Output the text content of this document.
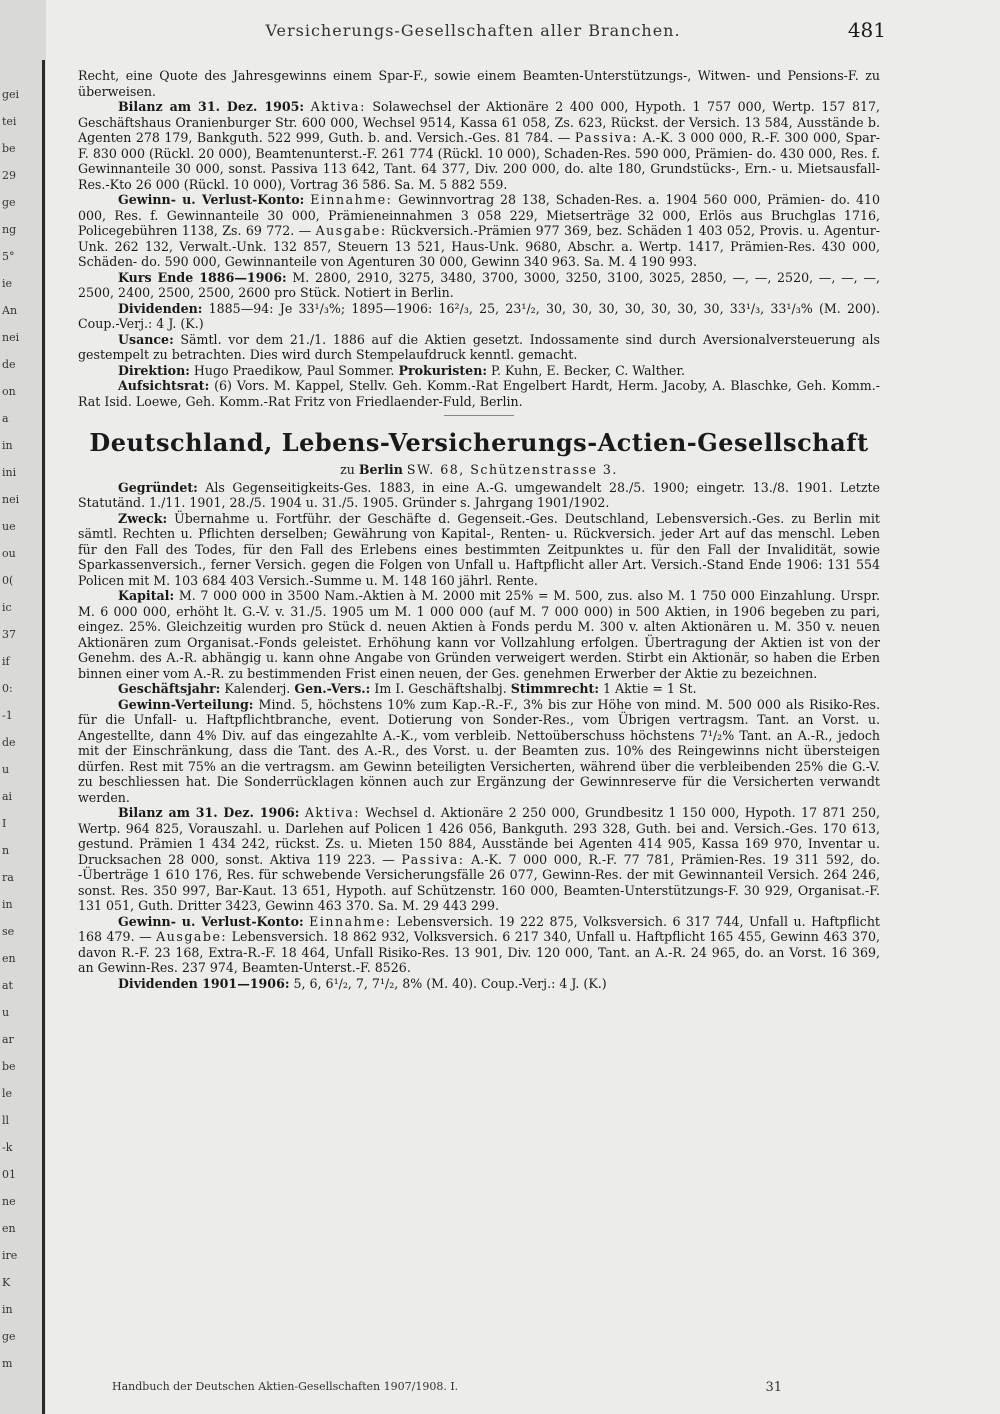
gei
tei
be
29
ge
ng
5°
ie
An
nei
de
on
a
in
ini
nei
ue
ou
0(
ic
37
if
0:
-1
de
u
ai
I
n
ra
in
se
en
at
u
ar
be
le
ll
-k
01
ne
en
ire
K
in
ge
m
Versicherungs-Gesellschaften aller Branchen.	481

Recht, eine Quote des Jahresgewinns einem Spar-F., sowie einem Beamten-Unterstützungs-, Witwen- und Pensions-F. zu überweisen.

Bilanz am 31. Dez. 1905: Aktiva: Solawechsel der Aktionäre 2 400 000, Hypoth. 1 757 000, Wertp. 157 817, Geschäftshaus Oranienburger Str. 600 000, Wechsel 9514, Kassa 61 058, Zs. 623, Rückst. der Versich. 13 584, Ausstände b. Agenten 278 179, Bankguth. 522 999, Guth. b. and. Versich.-Ges. 81 784. — Passiva: A.-K. 3 000 000, R.-F. 300 000, Spar-F. 830 000 (Rückl. 20 000), Beamtenunterst.-F. 261 774 (Rückl. 10 000), Schaden-Res. 590 000, Prämien- do. 430 000, Res. f. Gewinnanteile 30 000, sonst. Passiva 113 642, Tant. 64 377, Div. 200 000, do. alte 180, Grundstücks-, Ern.- u. Mietsausfall-Res.-Kto 26 000 (Rückl. 10 000), Vortrag 36 586. Sa. M. 5 882 559.

Gewinn- u. Verlust-Konto: Einnahme: Gewinnvortrag 28 138, Schaden-Res. a. 1904 560 000, Prämien- do. 410 000, Res. f. Gewinnanteile 30 000, Prämieneinnahmen 3 058 229, Mietserträge 32 000, Erlös aus Bruchglas 1716, Policegebühren 1138, Zs. 69 772. — Ausgabe: Rückversich.-Prämien 977 369, bez. Schäden 1 403 052, Provis. u. Agentur-Unk. 262 132, Verwalt.-Unk. 132 857, Steuern 13 521, Haus-Unk. 9680, Abschr. a. Wertp. 1417, Prämien-Res. 430 000, Schäden- do. 590 000, Gewinnanteile von Agenturen 30 000, Gewinn 340 963. Sa. M. 4 190 993.

Kurs Ende 1886—1906: M. 2800, 2910, 3275, 3480, 3700, 3000, 3250, 3100, 3025, 2850, —, —, 2520, —, —, —, 2500, 2400, 2500, 2500, 2600 pro Stück. Notiert in Berlin.

Dividenden: 1885—94: Je 33¹/₃%; 1895—1906: 16²/₃, 25, 23¹/₂, 30, 30, 30, 30, 30, 30, 30, 33¹/₃, 33¹/₃% (M. 200). Coup.-Verj.: 4 J. (K.)

Usance: Sämtl. vor dem 21./1. 1886 auf die Aktien gesetzt. Indossamente sind durch Aversionalversteuerung als gestempelt zu betrachten. Dies wird durch Stempelaufdruck kenntl. gemacht.

Direktion: Hugo Praedikow, Paul Sommer. Prokuristen: P. Kuhn, E. Becker, C. Walther.

Aufsichtsrat: (6) Vors. M. Kappel, Stellv. Geh. Komm.-Rat Engelbert Hardt, Herm. Jacoby, A. Blaschke, Geh. Komm.-Rat Isid. Loewe, Geh. Komm.-Rat Fritz von Friedlaender-Fuld, Berlin.

Deutschland, Lebens-Versicherungs-Actien-Gesellschaft
zu Berlin SW. 68, Schützenstrasse 3.

Gegründet: Als Gegenseitigkeits-Ges. 1883, in eine A.-G. umgewandelt 28./5. 1900; eingetr. 13./8. 1901. Letzte Statutänd. 1./11. 1901, 28./5. 1904 u. 31./5. 1905. Gründer s. Jahrgang 1901/1902.

Zweck: Übernahme u. Fortführ. der Geschäfte d. Gegenseit.-Ges. Deutschland, Lebensversich.-Ges. zu Berlin mit sämtl. Rechten u. Pflichten derselben; Gewährung von Kapital-, Renten- u. Rückversich. jeder Art auf das menschl. Leben für den Fall des Todes, für den Fall des Erlebens eines bestimmten Zeitpunktes u. für den Fall der Invalidität, sowie Sparkassenversich., ferner Versich. gegen die Folgen von Unfall u. Haftpflicht aller Art. Versich.-Stand Ende 1906: 131 554 Policen mit M. 103 684 403 Versich.-Summe u. M. 148 160 jährl. Rente.

Kapital: M. 7 000 000 in 3500 Nam.-Aktien à M. 2000 mit 25% = M. 500, zus. also M. 1 750 000 Einzahlung. Urspr. M. 6 000 000, erhöht lt. G.-V. v. 31./5. 1905 um M. 1 000 000 (auf M. 7 000 000) in 500 Aktien, in 1906 begeben zu pari, eingez. 25%. Gleichzeitig wurden pro Stück d. neuen Aktien à Fonds perdu M. 300 v. alten Aktionären u. M. 350 v. neuen Aktionären zum Organisat.-Fonds geleistet. Erhöhung kann vor Vollzahlung erfolgen. Übertragung der Aktien ist von der Genehm. des A.-R. abhängig u. kann ohne Angabe von Gründen verweigert werden. Stirbt ein Aktionär, so haben die Erben binnen einer vom A.-R. zu bestimmenden Frist einen neuen, der Ges. genehmen Erwerber der Aktie zu bezeichnen.

Geschäftsjahr: Kalenderj. Gen.-Vers.: Im I. Geschäftshalbj. Stimmrecht: 1 Aktie = 1 St.

Gewinn-Verteilung: Mind. 5, höchstens 10% zum Kap.-R.-F., 3% bis zur Höhe von mind. M. 500 000 als Risiko-Res. für die Unfall- u. Haftpflichtbranche, event. Dotierung von Sonder-Res., vom Übrigen vertragsm. Tant. an Vorst. u. Angestellte, dann 4% Div. auf das eingezahlte A.-K., vom verbleib. Nettoüberschuss höchstens 7¹/₂% Tant. an A.-R., jedoch mit der Einschränkung, dass die Tant. des A.-R., des Vorst. u. der Beamten zus. 10% des Reingewinns nicht übersteigen dürfen. Rest mit 75% an die vertragsm. am Gewinn beteiligten Versicherten, während über die verbleibenden 25% die G.-V. zu beschliessen hat. Die Sonderrücklagen können auch zur Ergänzung der Gewinnreserve für die Versicherten verwandt werden.

Bilanz am 31. Dez. 1906: Aktiva: Wechsel d. Aktionäre 2 250 000, Grundbesitz 1 150 000, Hypoth. 17 871 250, Wertp. 964 825, Vorauszahl. u. Darlehen auf Policen 1 426 056, Bankguth. 293 328, Guth. bei and. Versich.-Ges. 170 613, gestund. Prämien 1 434 242, rückst. Zs. u. Mieten 150 884, Ausstände bei Agenten 414 905, Kassa 169 970, Inventar u. Drucksachen 28 000, sonst. Aktiva 119 223. — Passiva: A.-K. 7 000 000, R.-F. 77 781, Prämien-Res. 19 311 592, do. -Überträge 1 610 176, Res. für schwebende Versicherungsfälle 26 077, Gewinn-Res. der mit Gewinnanteil Versich. 264 246, sonst. Res. 350 997, Bar-Kaut. 13 651, Hypoth. auf Schützenstr. 160 000, Beamten-Unterstützungs-F. 30 929, Organisat.-F. 131 051, Guth. Dritter 3423, Gewinn 463 370. Sa. M. 29 443 299.

Gewinn- u. Verlust-Konto: Einnahme: Lebensversich. 19 222 875, Volksversich. 6 317 744, Unfall u. Haftpflicht 168 479. — Ausgabe: Lebensversich. 18 862 932, Volksversich. 6 217 340, Unfall u. Haftpflicht 165 455, Gewinn 463 370, davon R.-F. 23 168, Extra-R.-F. 18 464, Unfall Risiko-Res. 13 901, Div. 120 000, Tant. an A.-R. 24 965, do. an Vorst. 16 369, an Gewinn-Res. 237 974, Beamten-Unterst.-F. 8526.

Dividenden 1901—1906: 5, 6, 6¹/₂, 7, 7¹/₂, 8% (M. 40). Coup.-Verj.: 4 J. (K.)

Handbuch der Deutschen Aktien-Gesellschaften 1907/1908. I.	31
